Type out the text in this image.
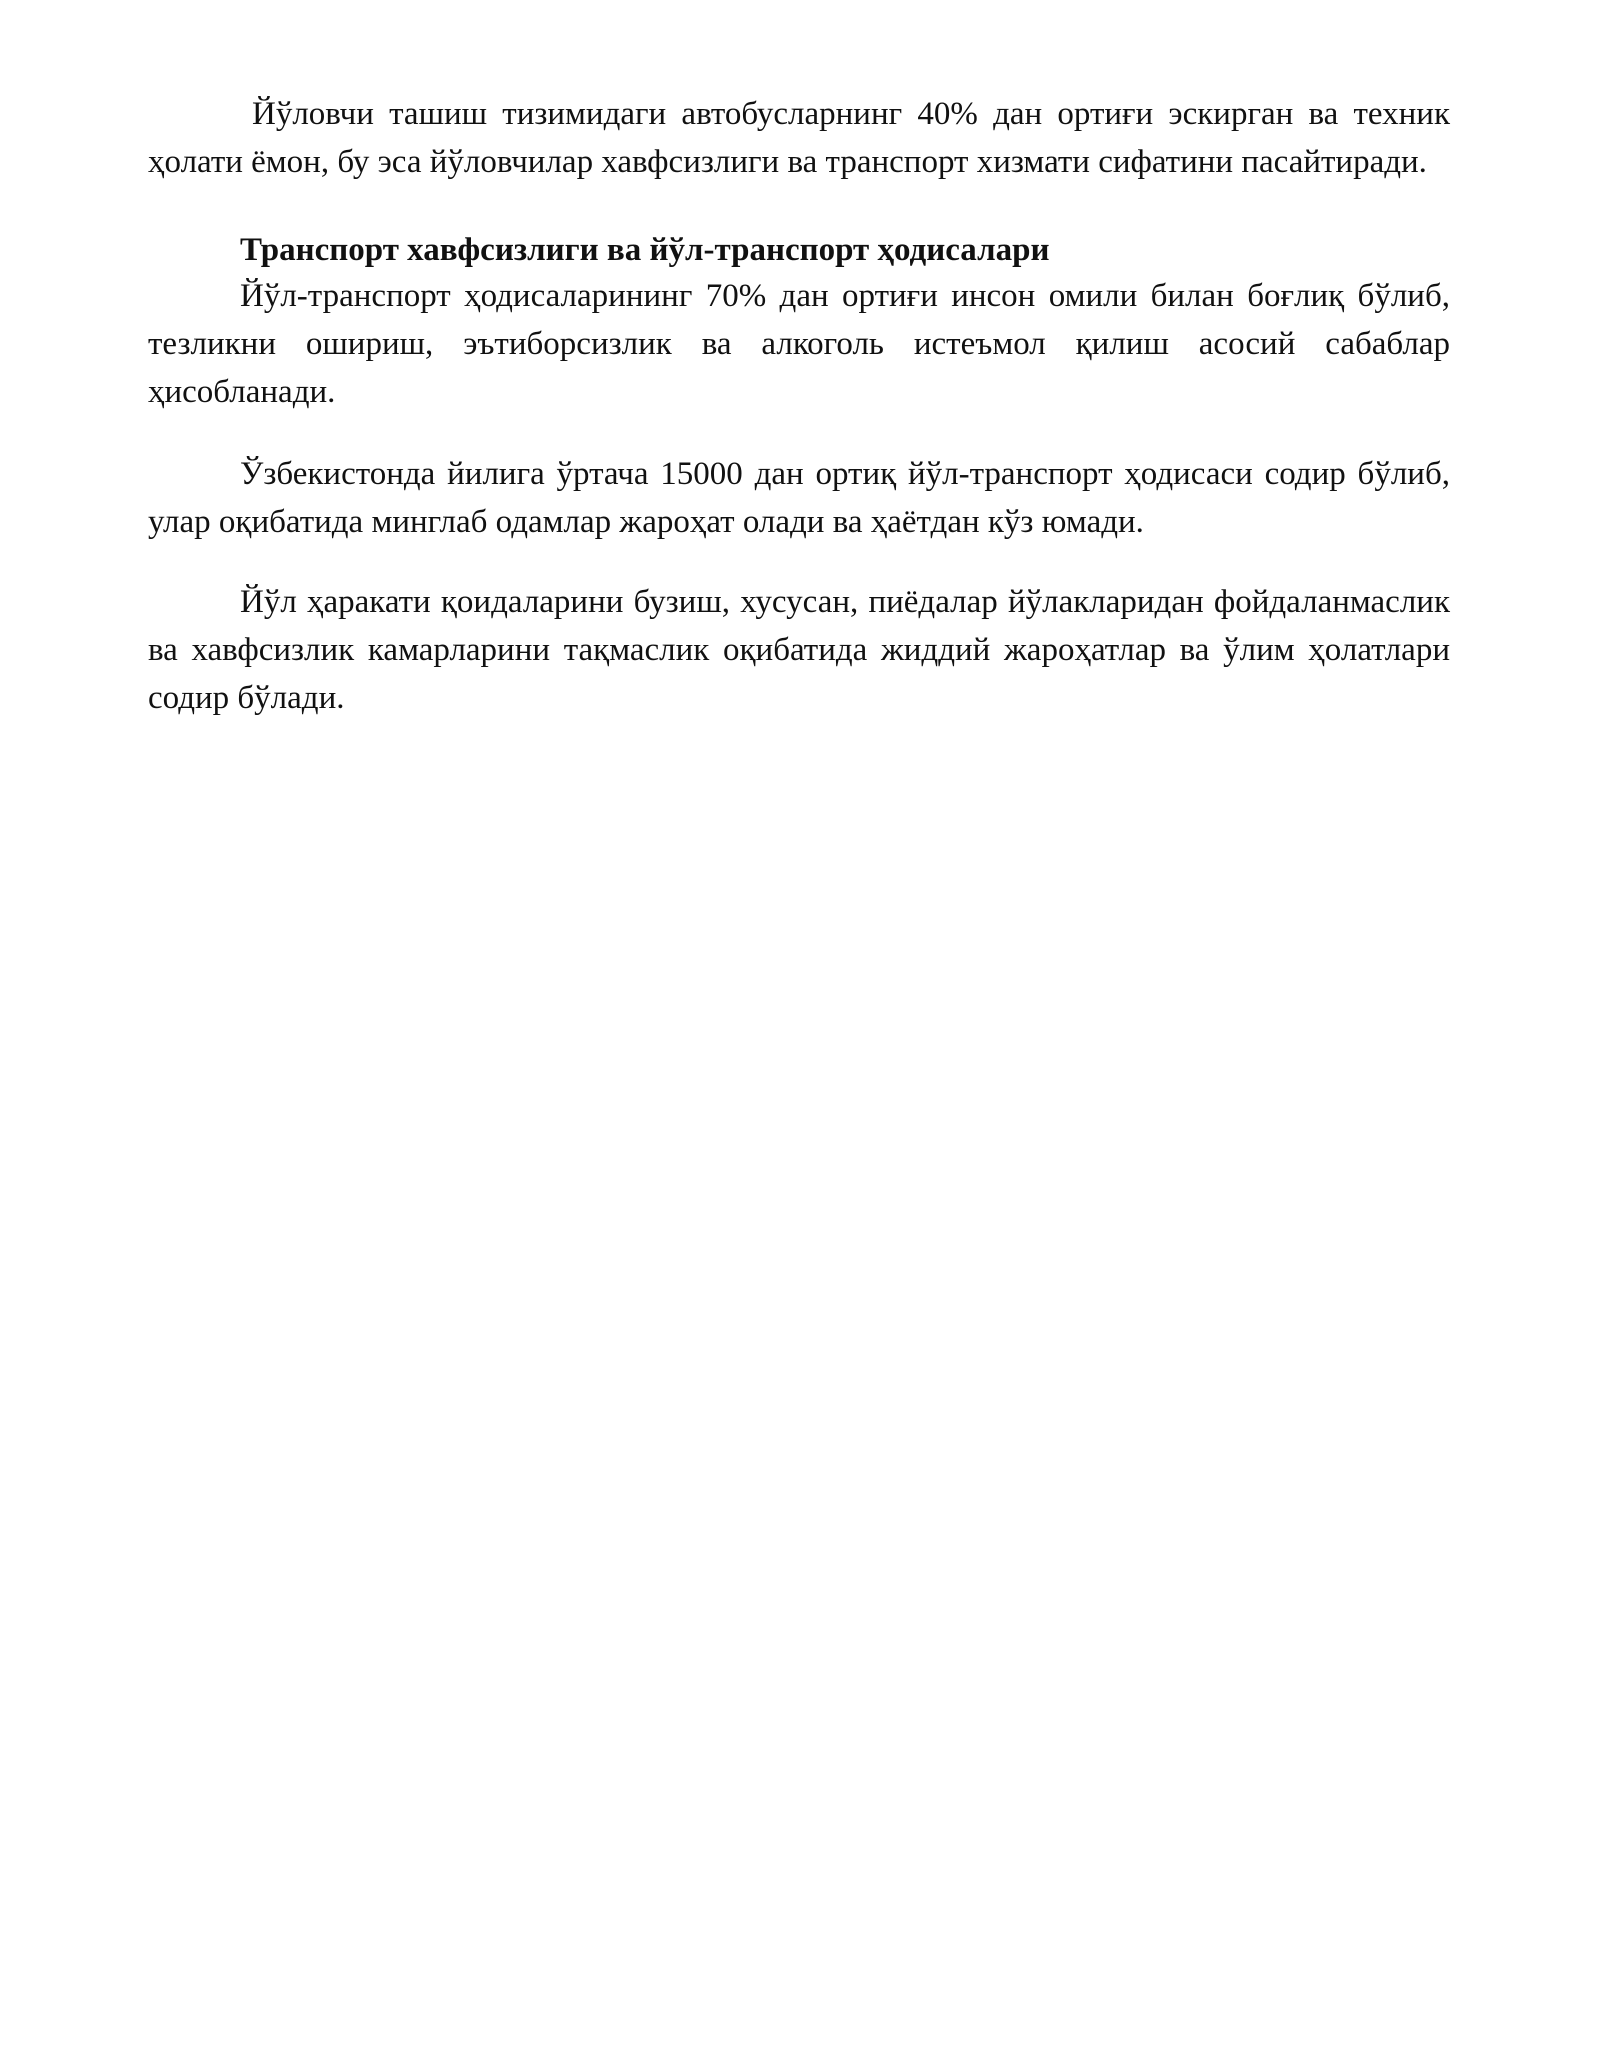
Йўловчи ташиш тизимидаги автобусларнинг 40% дан ортиғи эскирган ва техник ҳолати ёмон, бу эса йўловчилар хавфсизлиги ва транспорт хизмати сифатини пасайтиради.

Транспорт хавфсизлиги ва йўл-транспорт ҳодисалари

Йўл-транспорт ҳодисаларининг 70% дан ортиғи инсон омили билан боғлиқ бўлиб, тезликни ошириш, эътиборсизлик ва алкоголь истеъмол қилиш асосий сабаблар ҳисобланади.

Ўзбекистонда йилига ўртача 15000 дан ортиқ йўл-транспорт ҳодисаси содир бўлиб, улар оқибатида минглаб одамлар жароҳат олади ва ҳаётдан кўз юмади.

Йўл ҳаракати қоидаларини бузиш, хусусан, пиёдалар йўлакларидан фойдаланмаслик ва хавфсизлик камарларини тақмаслик оқибатида жиддий жароҳатлар ва ўлим ҳолатлари содир бўлади.
